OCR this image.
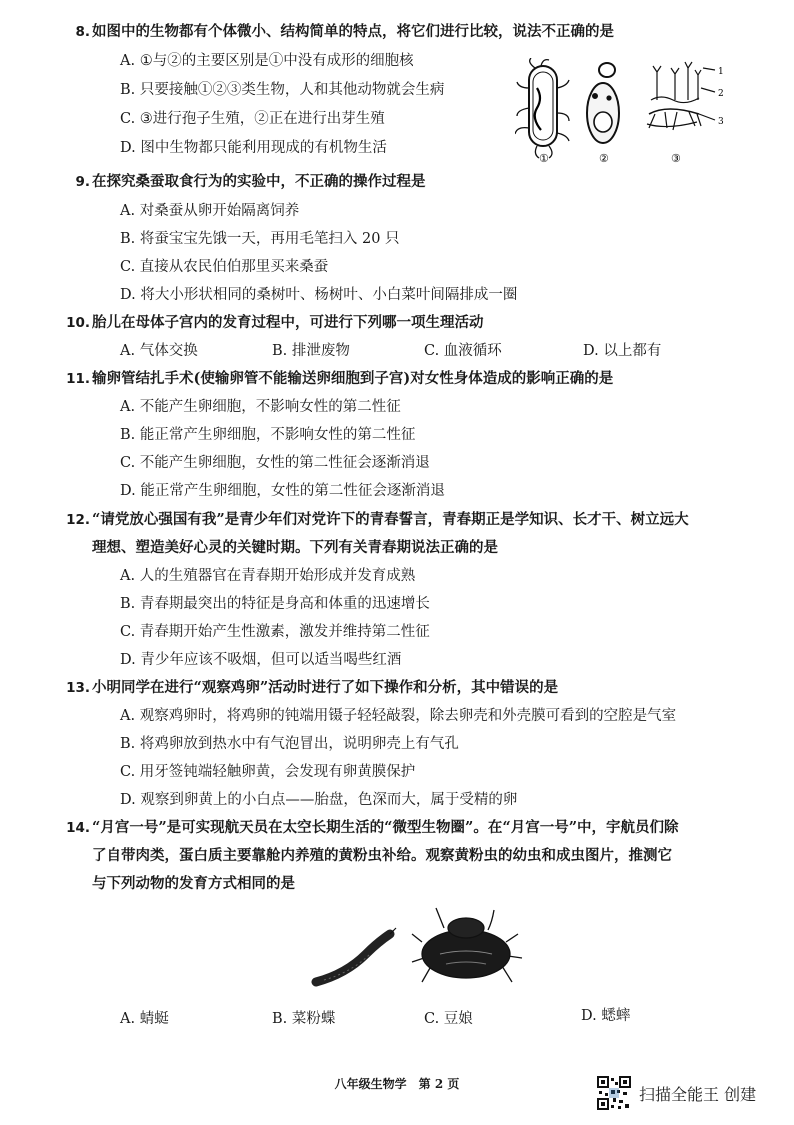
8. 如图中的生物都有个体微小、结构简单的特点，将它们进行比较，说法不正确的是
A. ①与②的主要区别是①中没有成形的细胞核
B. 只要接触①②③类生物，人和其他动物就会生病
C. ③进行孢子生殖，②正在进行出芽生殖
D. 图中生物都只能利用现成的有机物生活
①	②	③
1
2
3
9. 在探究桑蚕取食行为的实验中，不正确的操作过程是
A. 对桑蚕从卵开始隔离饲养
B. 将蚕宝宝先饿一天，再用毛笔扫入 20 只
C. 直接从农民伯伯那里买来桑蚕
D. 将大小形状相同的桑树叶、杨树叶、小白菜叶间隔排成一圈
10. 胎儿在母体子宫内的发育过程中，可进行下列哪一项生理活动
A. 气体交换	B. 排泄废物	C. 血液循环	D. 以上都有
11. 输卵管结扎手术(使输卵管不能输送卵细胞到子宫)对女性身体造成的影响正确的是
A. 不能产生卵细胞，不影响女性的第二性征
B. 能正常产生卵细胞，不影响女性的第二性征
C. 不能产生卵细胞，女性的第二性征会逐渐消退
D. 能正常产生卵细胞，女性的第二性征会逐渐消退
12. “请党放心强国有我”是青少年们对党许下的青春誓言，青春期正是学知识、长才干、树立远大
理想、塑造美好心灵的关键时期。下列有关青春期说法正确的是
A. 人的生殖器官在青春期开始形成并发育成熟
B. 青春期最突出的特征是身高和体重的迅速增长
C. 青春期开始产生性激素，激发并维持第二性征
D. 青少年应该不吸烟，但可以适当喝些红酒
13. 小明同学在进行“观察鸡卵”活动时进行了如下操作和分析，其中错误的是
A. 观察鸡卵时，将鸡卵的钝端用镊子轻轻敲裂，除去卵壳和外壳膜可看到的空腔是气室
B. 将鸡卵放到热水中有气泡冒出，说明卵壳上有气孔
C. 用牙签钝端轻触卵黄，会发现有卵黄膜保护
D. 观察到卵黄上的小白点——胎盘，色深而大，属于受精的卵
14. “月宫一号”是可实现航天员在太空长期生活的“微型生物圈”。在“月宫一号”中，宇航员们除
了自带肉类，蛋白质主要靠舱内养殖的黄粉虫补给。观察黄粉虫的幼虫和成虫图片，推测它
与下列动物的发育方式相同的是
A. 蜻蜓	B. 菜粉蝶	C. 豆娘	D. 蟋蟀
八年级生物学　第 2 页
扫描全能王 创建
